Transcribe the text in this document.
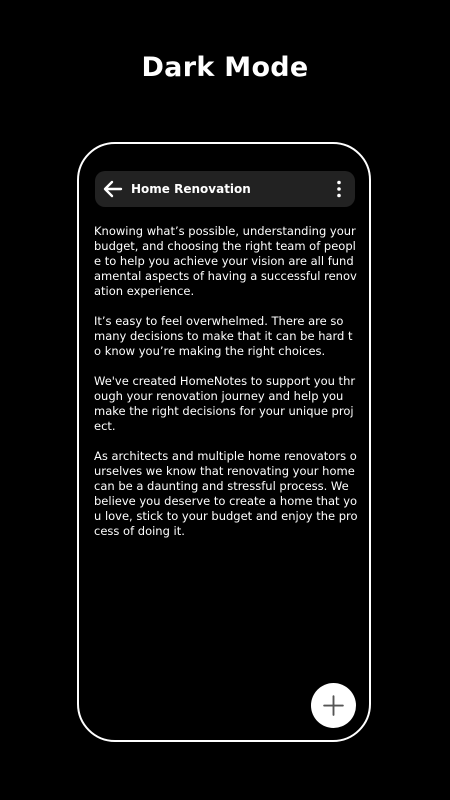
Dark Mode
Home Renovation

Knowing what’s possible, understanding your budget, and choosing the right team of people to help you achieve your vision are all fundamental aspects of having a successful renovation experience.

It’s easy to feel overwhelmed. There are so many decisions to make that it can be hard to know you’re making the right choices.

We've created HomeNotes to support you through your renovation journey and help you make the right decisions for your unique project.

As architects and multiple home renovators ourselves we know that renovating your home can be a daunting and stressful process. We believe you deserve to create a home that you love, stick to your budget and enjoy the process of doing it.
